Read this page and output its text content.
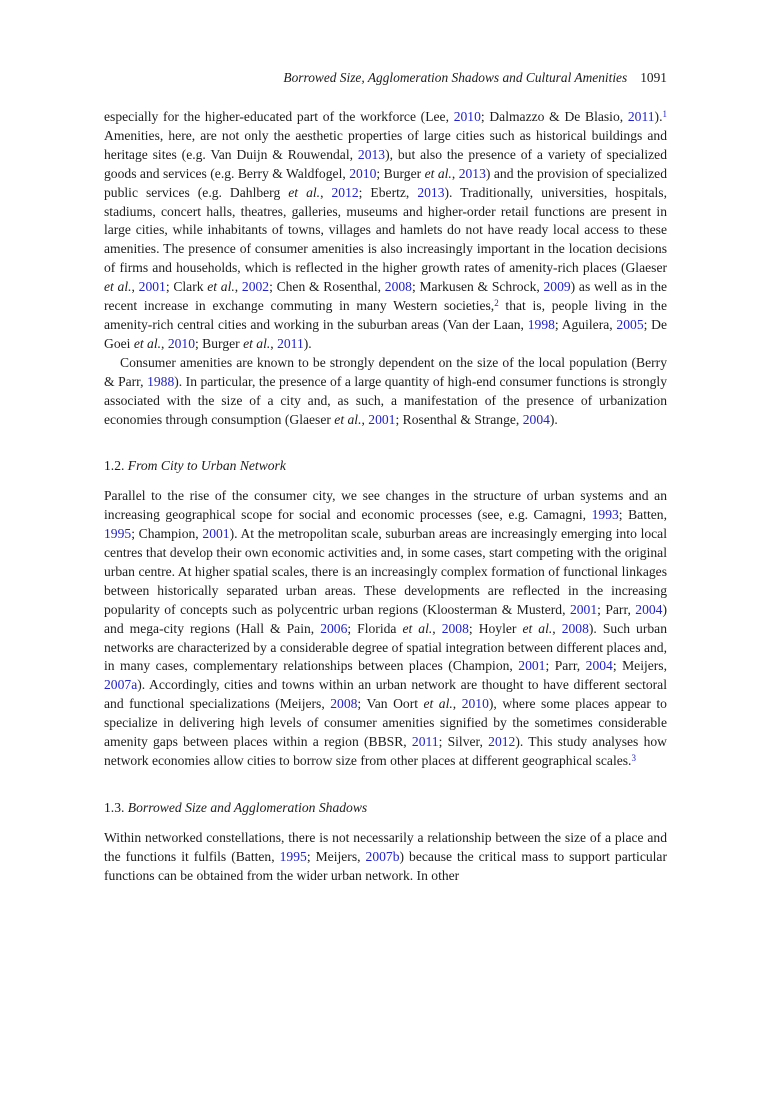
Borrowed Size, Agglomeration Shadows and Cultural Amenities 1091

especially for the higher-educated part of the workforce (Lee, 2010; Dalmazzo & De Blasio, 2011).$^1$ Amenities, here, are not only the aesthetic properties of large cities such as historical buildings and heritage sites (e.g. Van Duijn & Rouwendal, 2013), but also the presence of a variety of specialized goods and services (e.g. Berry & Waldfogel, 2010; Burger et al., 2013) and the provision of specialized public services (e.g. Dahlberg et al., 2012; Ebertz, 2013). Traditionally, universities, hospitals, stadiums, concert halls, theatres, galleries, museums and higher-order retail functions are present in large cities, while inhabitants of towns, villages and hamlets do not have ready local access to these amenities. The presence of consumer amenities is also increasingly important in the location decisions of firms and households, which is reflected in the higher growth rates of amenity-rich places (Glaeser et al., 2001; Clark et al., 2002; Chen & Rosenthal, 2008; Markusen & Schrock, 2009) as well as in the recent increase in exchange commuting in many Western societies,$^2$ that is, people living in the amenity-rich central cities and working in the suburban areas (Van der Laan, 1998; Aguilera, 2005; De Goei et al., 2010; Burger et al., 2011).

Consumer amenities are known to be strongly dependent on the size of the local population (Berry & Parr, 1988). In particular, the presence of a large quantity of high-end consumer functions is strongly associated with the size of a city and, as such, a manifestation of the presence of urbanization economies through consumption (Glaeser et al., 2001; Rosenthal & Strange, 2004).

1.2. From City to Urban Network

Parallel to the rise of the consumer city, we see changes in the structure of urban systems and an increasing geographical scope for social and economic processes (see, e.g. Camagni, 1993; Batten, 1995; Champion, 2001). At the metropolitan scale, suburban areas are increasingly emerging into local centres that develop their own economic activities and, in some cases, start competing with the original urban centre. At higher spatial scales, there is an increasingly complex formation of functional linkages between historically separated urban areas. These developments are reflected in the increasing popularity of concepts such as polycentric urban regions (Kloosterman & Musterd, 2001; Parr, 2004) and mega-city regions (Hall & Pain, 2006; Florida et al., 2008; Hoyler et al., 2008). Such urban networks are characterized by a considerable degree of spatial integration between different places and, in many cases, complementary relationships between places (Champion, 2001; Parr, 2004; Meijers, 2007a). Accordingly, cities and towns within an urban network are thought to have different sectoral and functional specializations (Meijers, 2008; Van Oort et al., 2010), where some places appear to specialize in delivering high levels of consumer amenities signified by the sometimes considerable amenity gaps between places within a region (BBSR, 2011; Silver, 2012). This study analyses how network economies allow cities to borrow size from other places at different geographical scales.$^3$

1.3. Borrowed Size and Agglomeration Shadows

Within networked constellations, there is not necessarily a relationship between the size of a place and the functions it fulfils (Batten, 1995; Meijers, 2007b) because the critical mass to support particular functions can be obtained from the wider urban network. In other
